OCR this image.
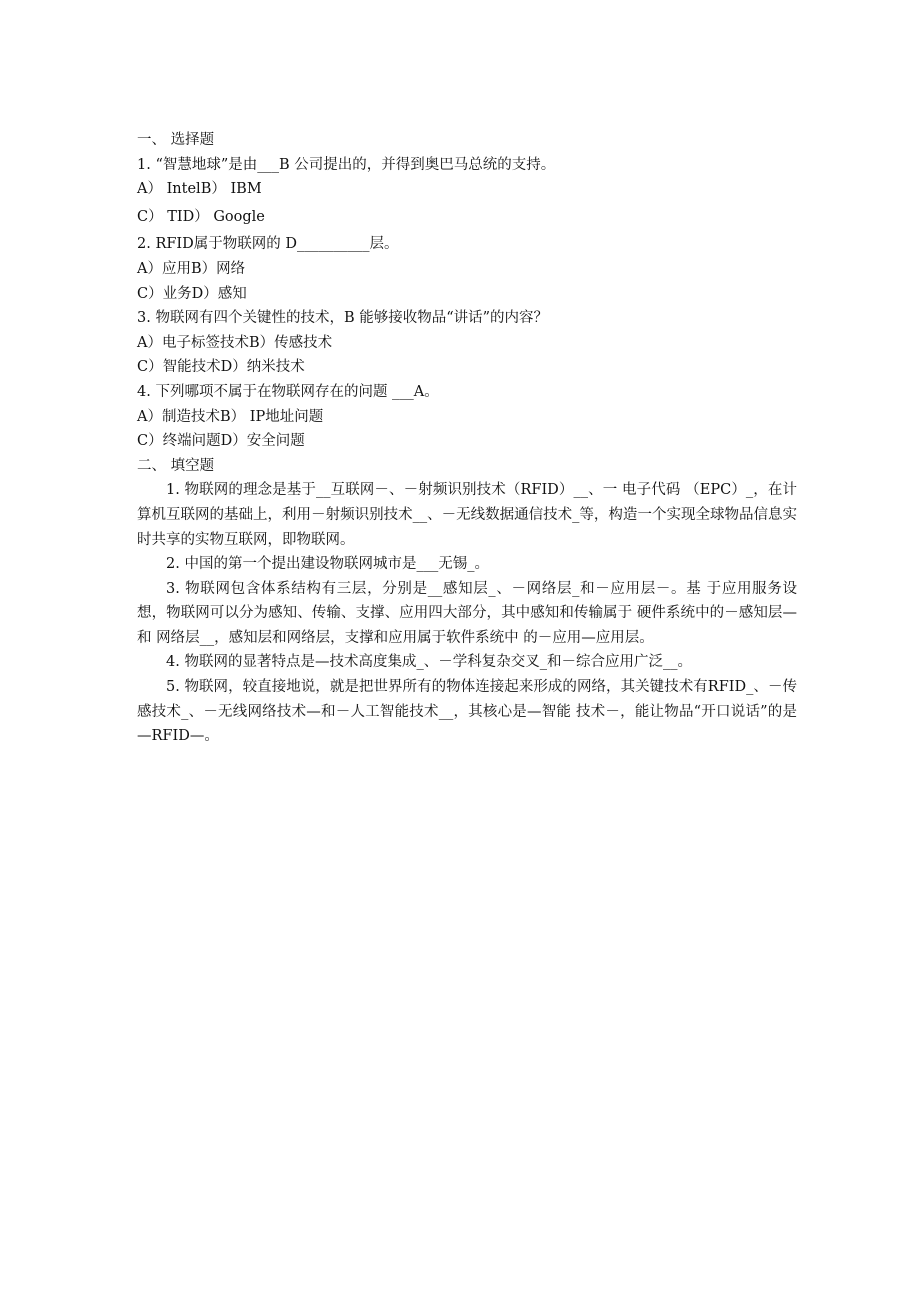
一、 选择题
1. “智慧地球”是由___B 公司提出的，并得到奥巴马总统的支持。
A） IntelB） IBM
C） TID） Google
2. RFID属于物联网的 D__________层。
A）应用B）网络
C）业务D）感知
3. 物联网有四个关键性的技术，B 能够接收物品“讲话”的内容？
A）电子标签技术B）传感技术
C）智能技术D）纳米技术
4. 下列哪项不属于在物联网存在的问题 ___A。
A）制造技术B） IP地址问题
C）终端问题D）安全问题
二、 填空题
1. 物联网的理念是基于__互联网－、－射频识别技术（RFID）__、一 电子代码 （EPC）_，在计算机互联网的基础上，利用－射频识别技术__、－无线数据通信技术_等，构造一个实现全球物品信息实时共享的实物互联网，即物联网。
2. 中国的第一个提出建设物联网城市是___无锡_。
3. 物联网包含体系结构有三层，分别是__感知层_、－网络层_和－应用层－。基 于应用服务设想，物联网可以分为感知、传输、支撑、应用四大部分，其中感知和传输属于 硬件系统中的－感知层—和 网络层__，感知层和网络层，支撑和应用属于软件系统中 的－应用—应用层。
4. 物联网的显著特点是—技术高度集成_、－学科复杂交叉_和－综合应用广泛__。
5. 物联网，较直接地说，就是把世界所有的物体连接起来形成的网络，其关键技术有RFID_、－传感技术_、－无线网络技术—和－人工智能技术__，其核心是—智能 技术－，能让物品“开口说话”的是—RFID—。
